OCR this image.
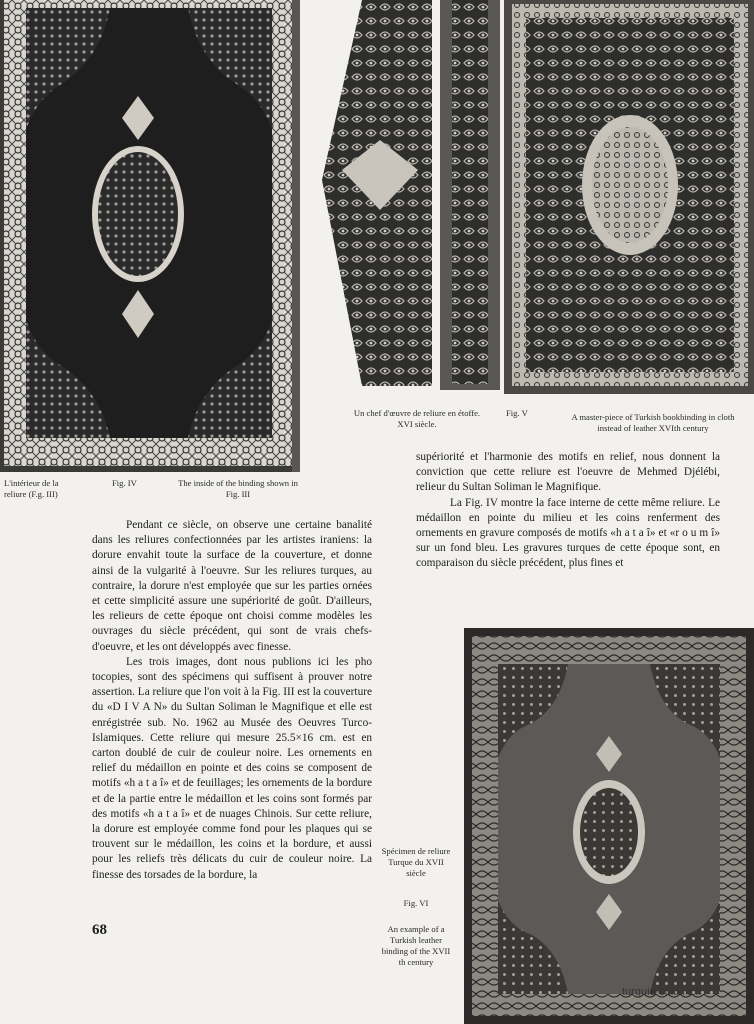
L'intérieur de la reliure (F.g. III)
Fig. IV	The inside of the binding shown in Fig. III
Un chef d'œuvre de reliure en étoffe. XVI siècle.
Fig. V	A master-piece of Turkish bookbinding in cloth instead of leather XVIth century
Spécimen de reliure Turque du XVII siècle
Fig. VI
An example of a Turkish leather binding of the XVII th century

Pendant ce siècle, on observe une certaine banalité dans les reliures confectionnées par les artistes iraniens: la dorure envahit toute la surface de la couverture, et donne ainsi de la vulgarité à l'oeuvre. Sur les reliures turques, au contraire, la dorure n'est employée que sur les parties ornées et cette simplicité assure une supériorité de goût. D'ailleurs, les relieurs de cette époque ont choisi comme modèles les ouvrages du siècle précédent, qui sont de vrais chefs-d'oeuvre, et les ont développés avec finesse.

Les trois images, dont nous publions ici les pho tocopies, sont des spécimens qui suffisent à prouver notre assertion. La reliure que l'on voit à la Fig. III est la couverture du «D I V A N» du Sultan Soliman le Magnifique et elle est enrégistrée sub. No. 1962 au Musée des Oeuvres Turco-Islamiques. Cette reliure qui mesure 25.5×16 cm. est en carton doublé de cuir de couleur noire. Les ornements en relief du médaillon en pointe et des coins se composent de motifs «h a t a î» et de feuillages; les ornements de la bordure et de la partie entre le médaillon et les coins sont formés par des motifs «h a t a î» et de nuages Chinois. Sur cette reliure, la dorure est employée comme fond pour les plaques qui se trouvent sur le médaillon, les coins et la bordure, et aussi pour les reliefs très délicats du cuir de couleur noire. La finesse des torsades de la bordure, la

supériorité et l'harmonie des motifs en relief, nous donnent la conviction que cette reliure est l'oeuvre de Mehmed Djélébi, relieur du Sultan Soliman le Magnifique.

La Fig. IV montre la face interne de cette même reliure. Le médaillon en pointe du milieu et les coins renferment des ornements en gravure composés de motifs «h a t a î» et «r o u m î» sur un fond bleu. Les gravures turques de cette époque sont, en comparaison du siècle précédent, plus fines et

68
turquie-culture.fr
